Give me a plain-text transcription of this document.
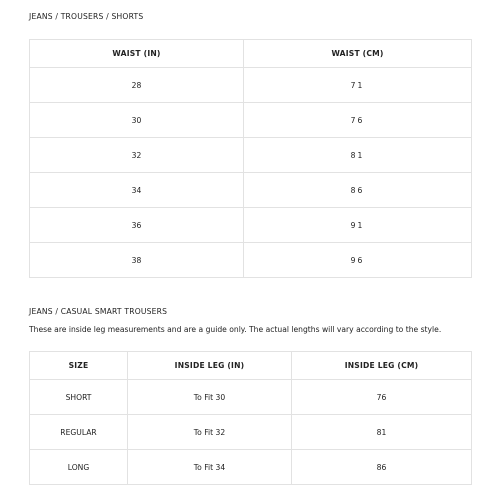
JEANS / TROUSERS / SHORTS
WAIST (IN)	WAIST (CM)
28	71
30	76
32	81
34	86
36	91
38	96
JEANS / CASUAL SMART TROUSERS
These are inside leg measurements and are a guide only. The actual lengths will vary according to the style.
SIZE	INSIDE LEG (IN)	INSIDE LEG (CM)
SHORT	To Fit 30	76
REGULAR	To Fit 32	81
LONG	To Fit 34	86
